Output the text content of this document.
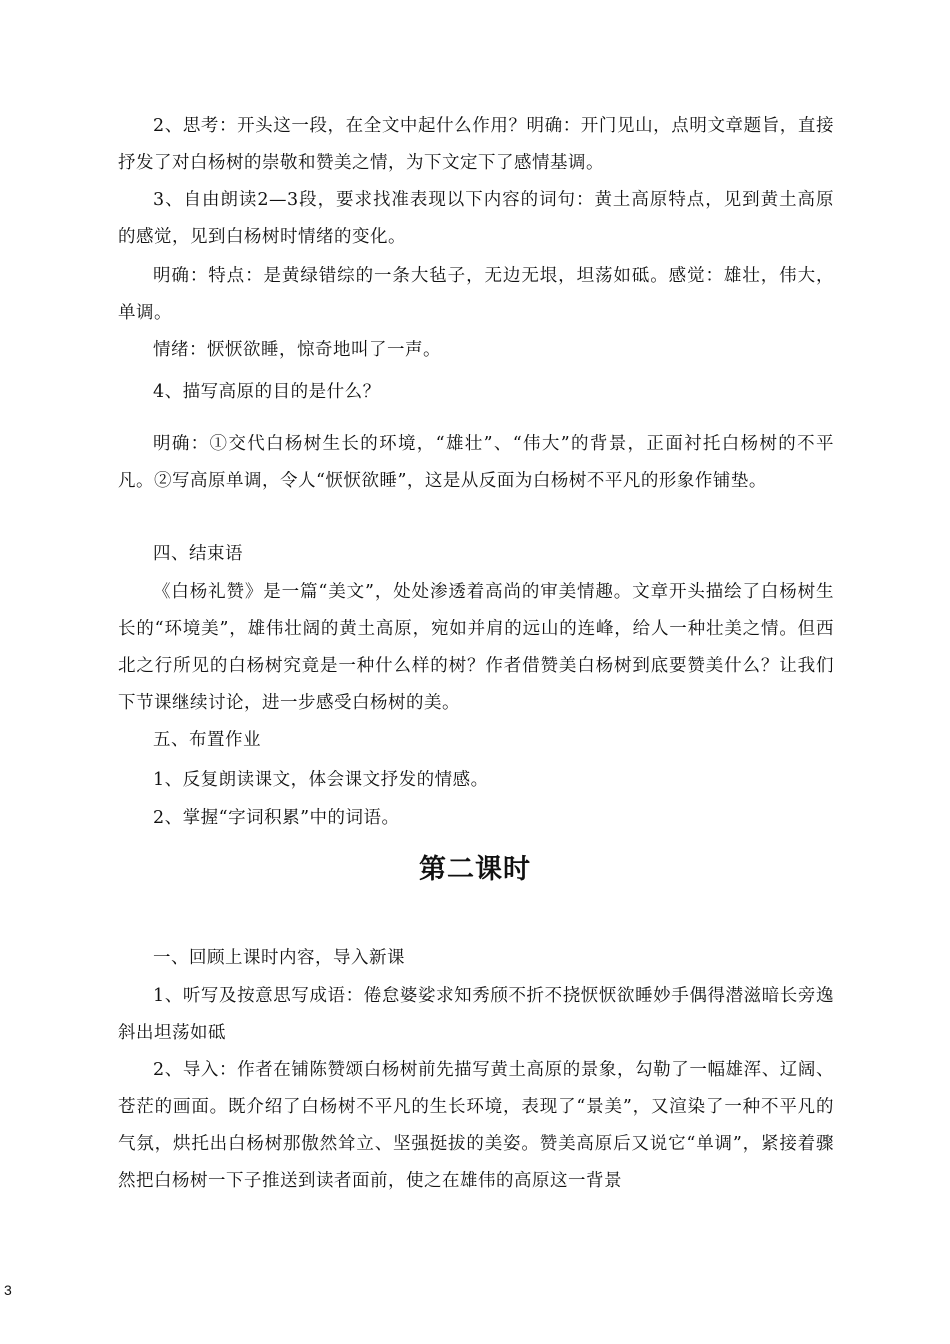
2、思考：开头这一段，在全文中起什么作用？明确：开门见山，点明文章题旨，直接抒发了对白杨树的崇敬和赞美之情，为下文定下了感情基调。

3、自由朗读2—3段，要求找准表现以下内容的词句：黄土高原特点，见到黄土高原的感觉，见到白杨树时情绪的变化。

明确：特点：是黄绿错综的一条大毡子，无边无垠，坦荡如砥。感觉：雄壮，伟大，单调。

情绪：恹恹欲睡，惊奇地叫了一声。

4、描写高原的目的是什么？

明确：①交代白杨树生长的环境，“雄壮”、“伟大”的背景，正面衬托白杨树的不平凡。②写高原单调，令人“恹恹欲睡”，这是从反面为白杨树不平凡的形象作铺垫。

四、结束语

《白杨礼赞》是一篇“美文”，处处渗透着高尚的审美情趣。文章开头描绘了白杨树生长的“环境美”，雄伟壮阔的黄土高原，宛如并肩的远山的连峰，给人一种壮美之情。但西北之行所见的白杨树究竟是一种什么样的树？作者借赞美白杨树到底要赞美什么？让我们下节课继续讨论，进一步感受白杨树的美。

五、布置作业

1、反复朗读课文，体会课文抒发的情感。

2、掌握“字词积累”中的词语。

第二课时

一、回顾上课时内容，导入新课

1、听写及按意思写成语：倦怠婆娑求知秀颀不折不挠恹恹欲睡妙手偶得潜滋暗长旁逸斜出坦荡如砥

2、导入：作者在铺陈赞颂白杨树前先描写黄土高原的景象，勾勒了一幅雄浑、辽阔、苍茫的画面。既介绍了白杨树不平凡的生长环境，表现了“景美”，又渲染了一种不平凡的气氛，烘托出白杨树那傲然耸立、坚强挺拔的美姿。赞美高原后又说它“单调”，紧接着骤然把白杨树一下子推送到读者面前，使之在雄伟的高原这一背景

3
